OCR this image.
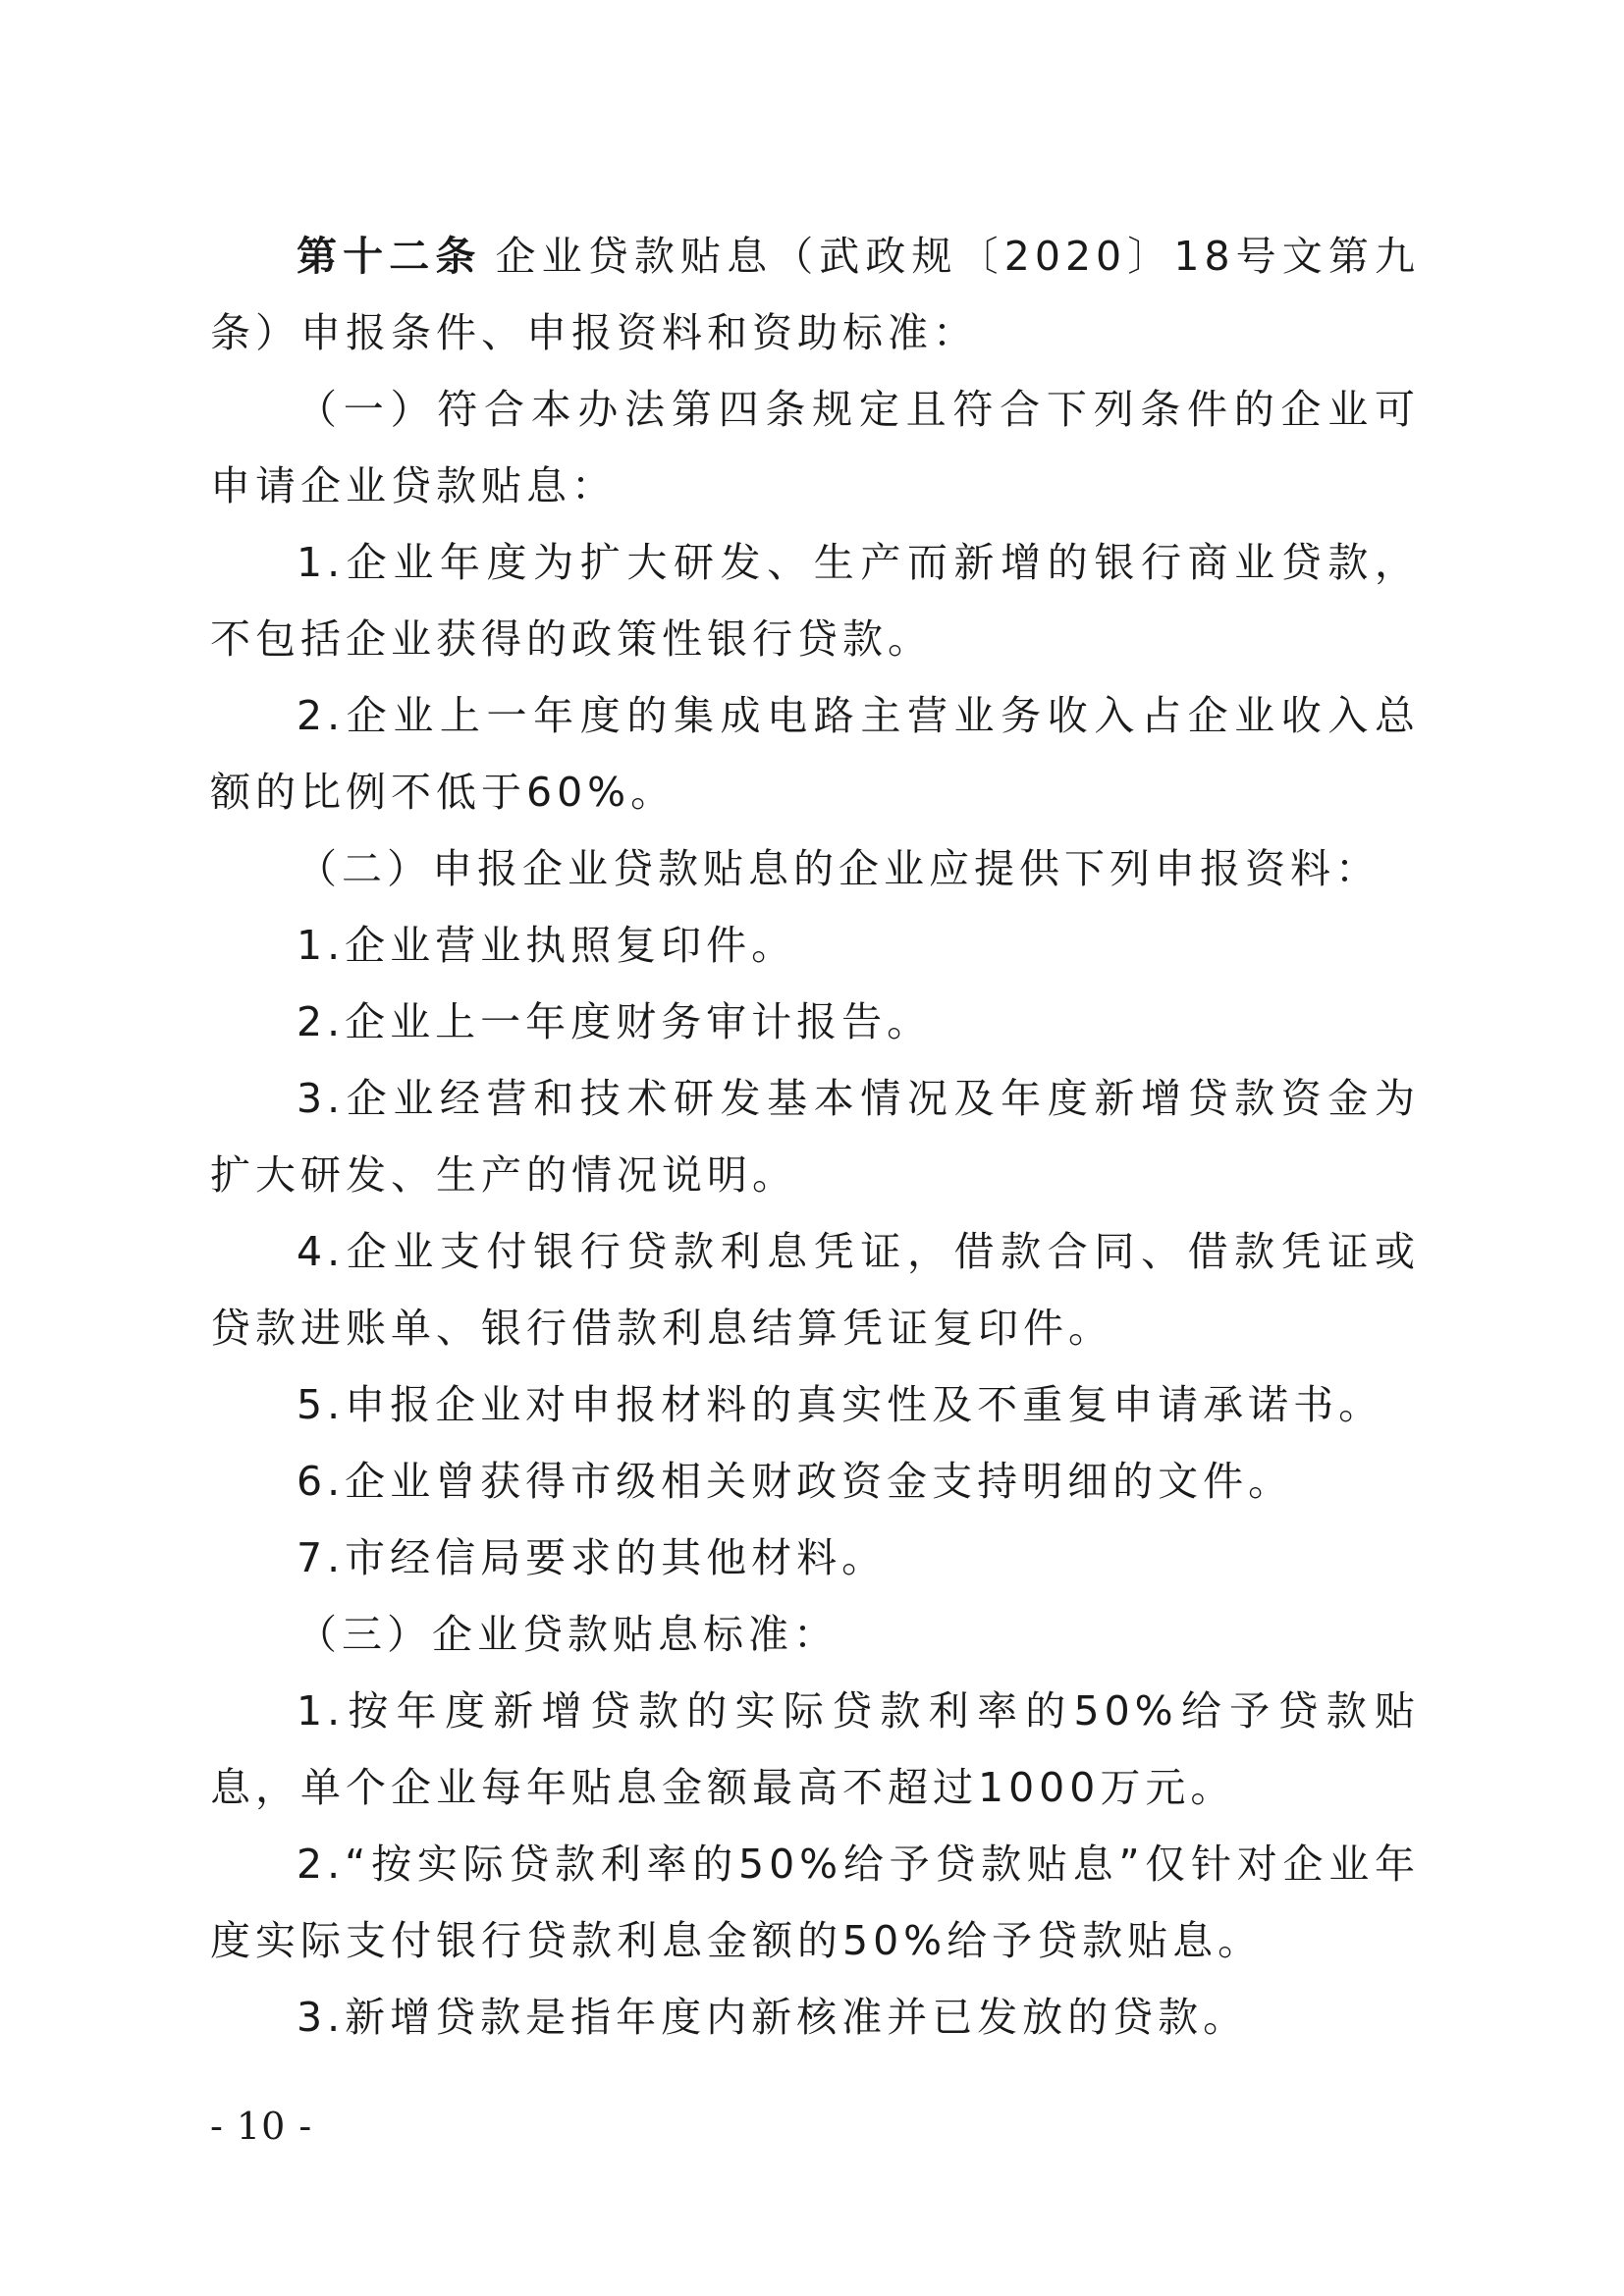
第十二条 企业贷款贴息（武政规〔2020〕18号文第九条）申报条件、申报资料和资助标准：

（一）符合本办法第四条规定且符合下列条件的企业可申请企业贷款贴息：

1.企业年度为扩大研发、生产而新增的银行商业贷款，不包括企业获得的政策性银行贷款。

2.企业上一年度的集成电路主营业务收入占企业收入总额的比例不低于60%。

（二）申报企业贷款贴息的企业应提供下列申报资料：

1.企业营业执照复印件。

2.企业上一年度财务审计报告。

3.企业经营和技术研发基本情况及年度新增贷款资金为扩大研发、生产的情况说明。

4.企业支付银行贷款利息凭证，借款合同、借款凭证或贷款进账单、银行借款利息结算凭证复印件。

5.申报企业对申报材料的真实性及不重复申请承诺书。

6.企业曾获得市级相关财政资金支持明细的文件。

7.市经信局要求的其他材料。

（三）企业贷款贴息标准：

1.按年度新增贷款的实际贷款利率的50%给予贷款贴息，单个企业每年贴息金额最高不超过1000万元。

2.“按实际贷款利率的50%给予贷款贴息”仅针对企业年度实际支付银行贷款利息金额的50%给予贷款贴息。

3.新增贷款是指年度内新核准并已发放的贷款。

- 10 -
